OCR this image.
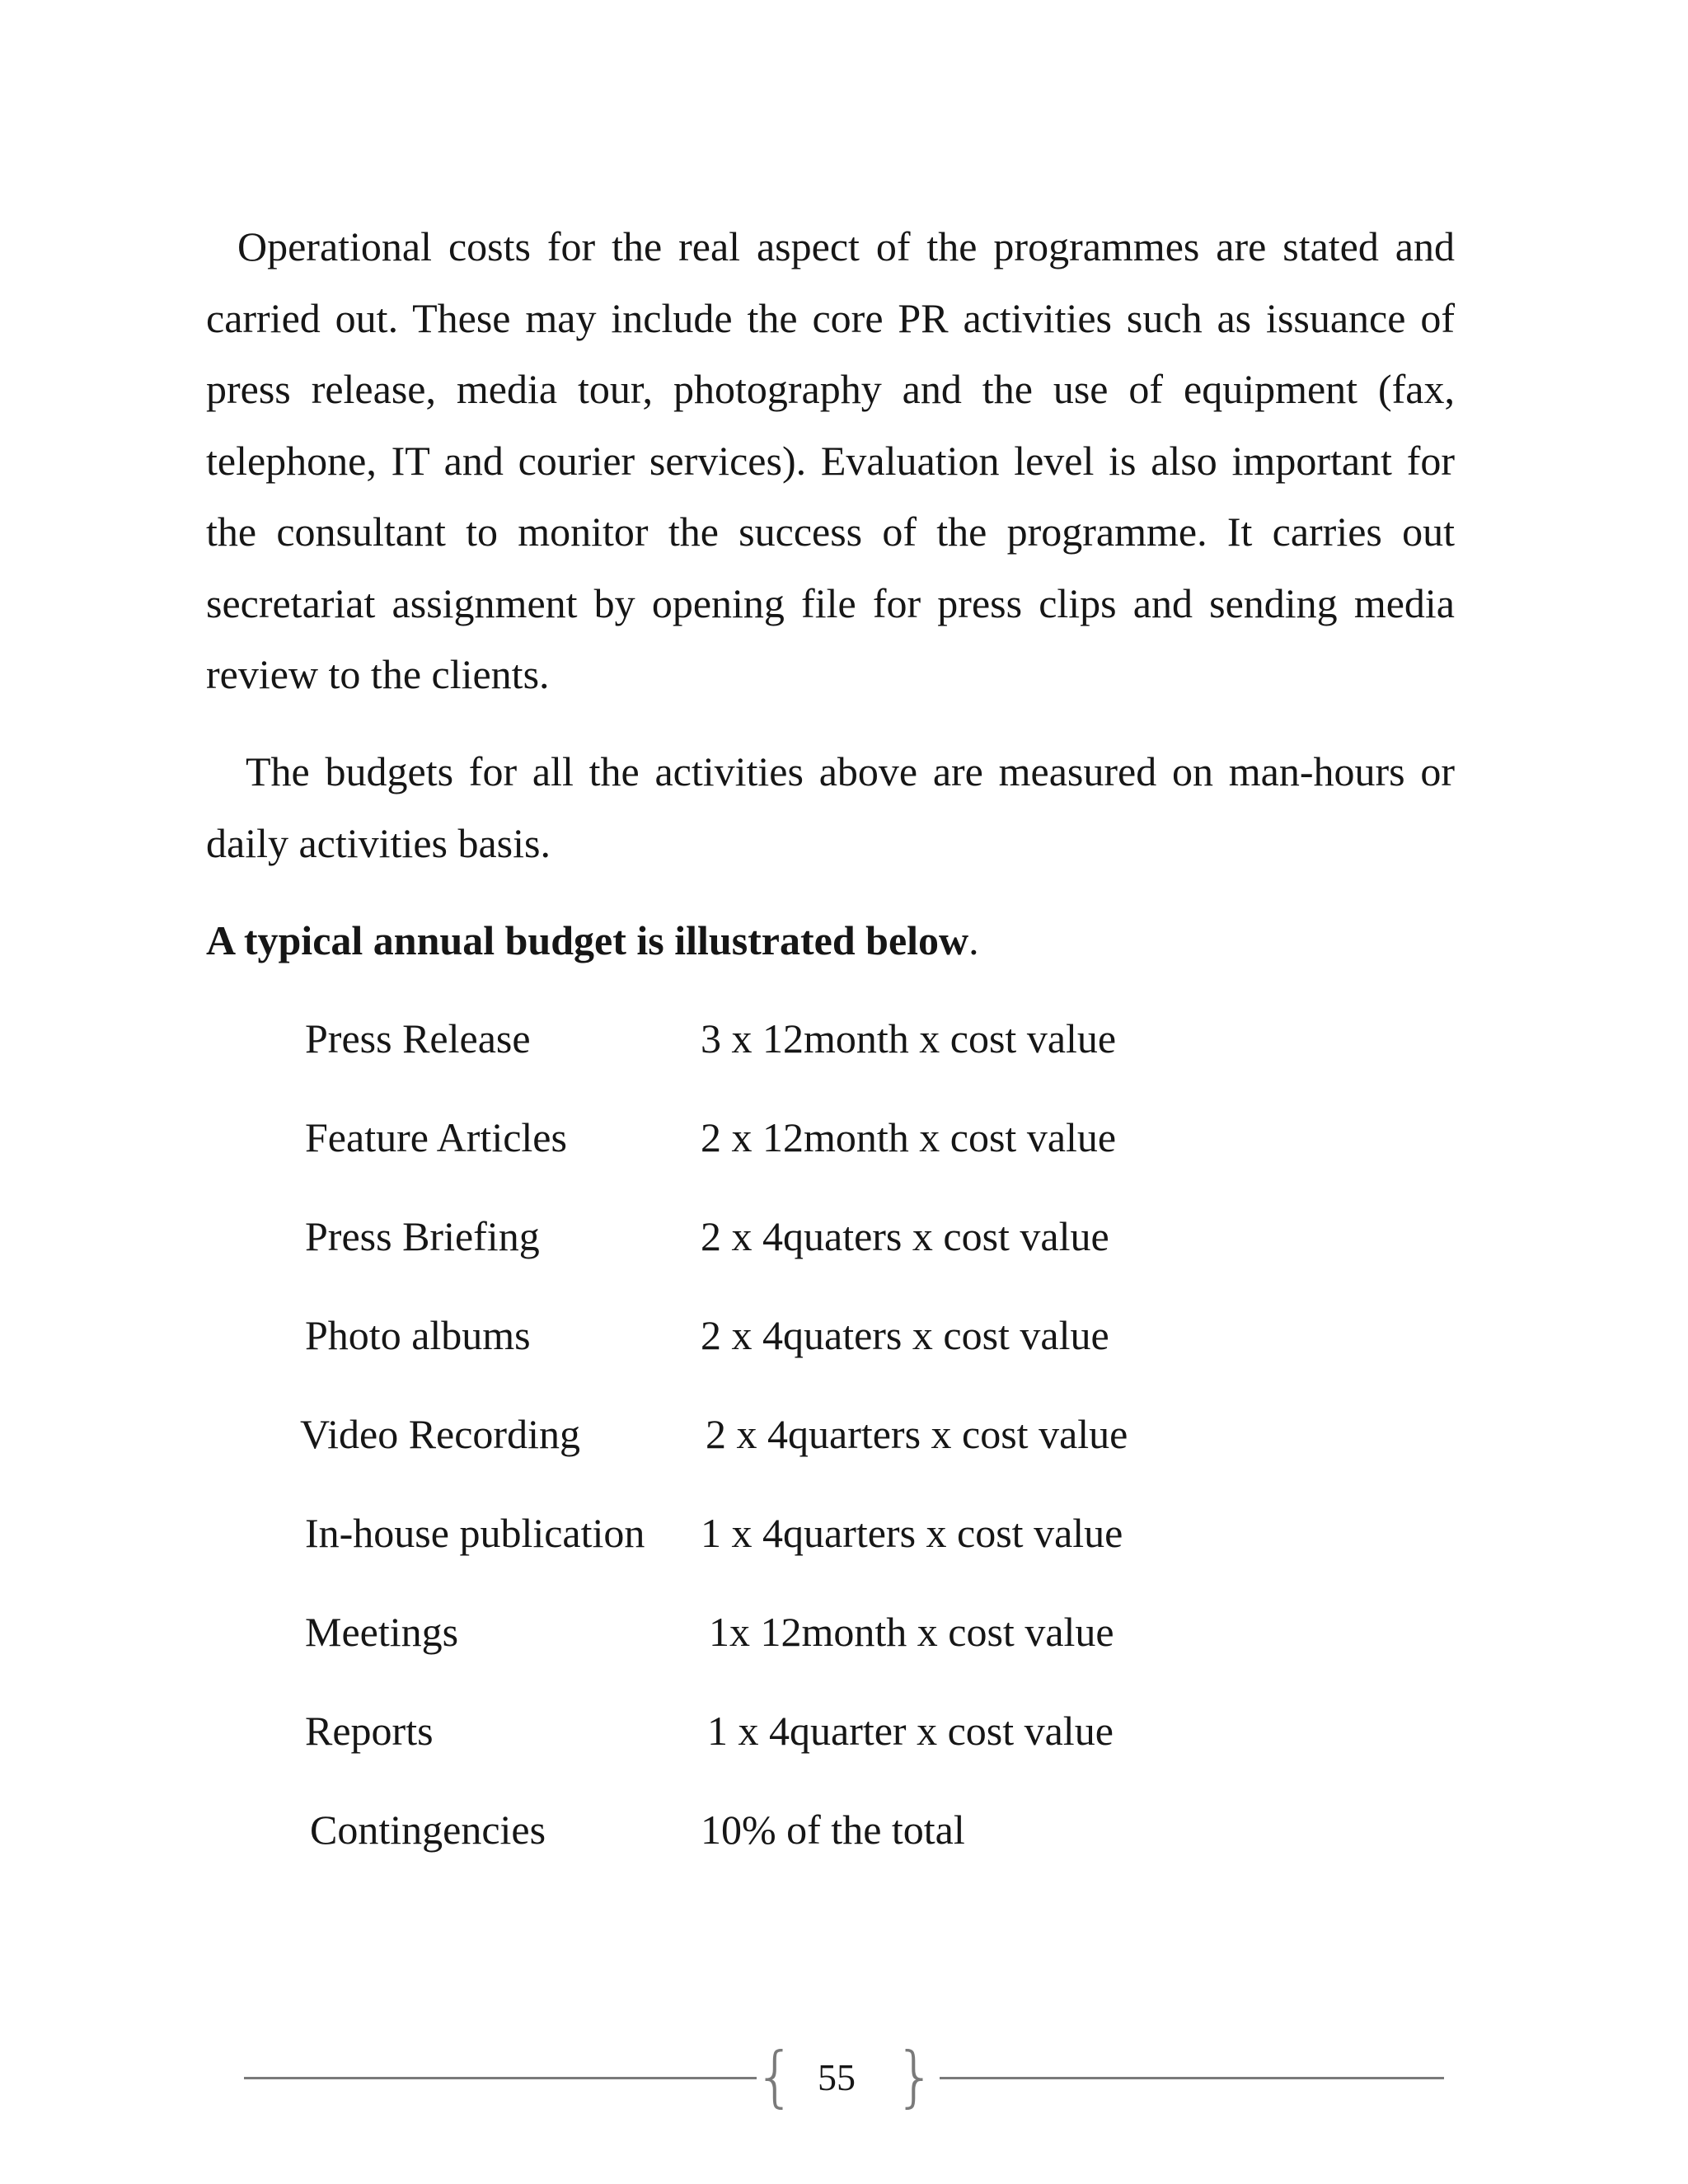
Operational costs for the real aspect of the programmes are stated and carried out. These may include the core PR activities such as issuance of press release, media tour, photography and the use of equipment (fax, telephone, IT and courier services). Evaluation level is also important for the consultant to monitor the success of the programme. It carries out secretariat assignment by opening file for press clips and sending media review to the clients.

The budgets for all the activities above are measured on man-hours or daily activities basis.

A typical annual budget is illustrated below.

Press Release	3 x 12month x cost value
Feature Articles	2 x 12month x cost value
Press Briefing	2 x 4quaters x cost value
Photo albums	2 x 4quaters x cost value
Video Recording	2 x 4quarters x cost value
In-house publication 1 x 4quarters x cost value
Meetings	1x 12month x cost value
Reports	1 x 4quarter x cost value
Contingencies	10% of the total
{ 55 }
